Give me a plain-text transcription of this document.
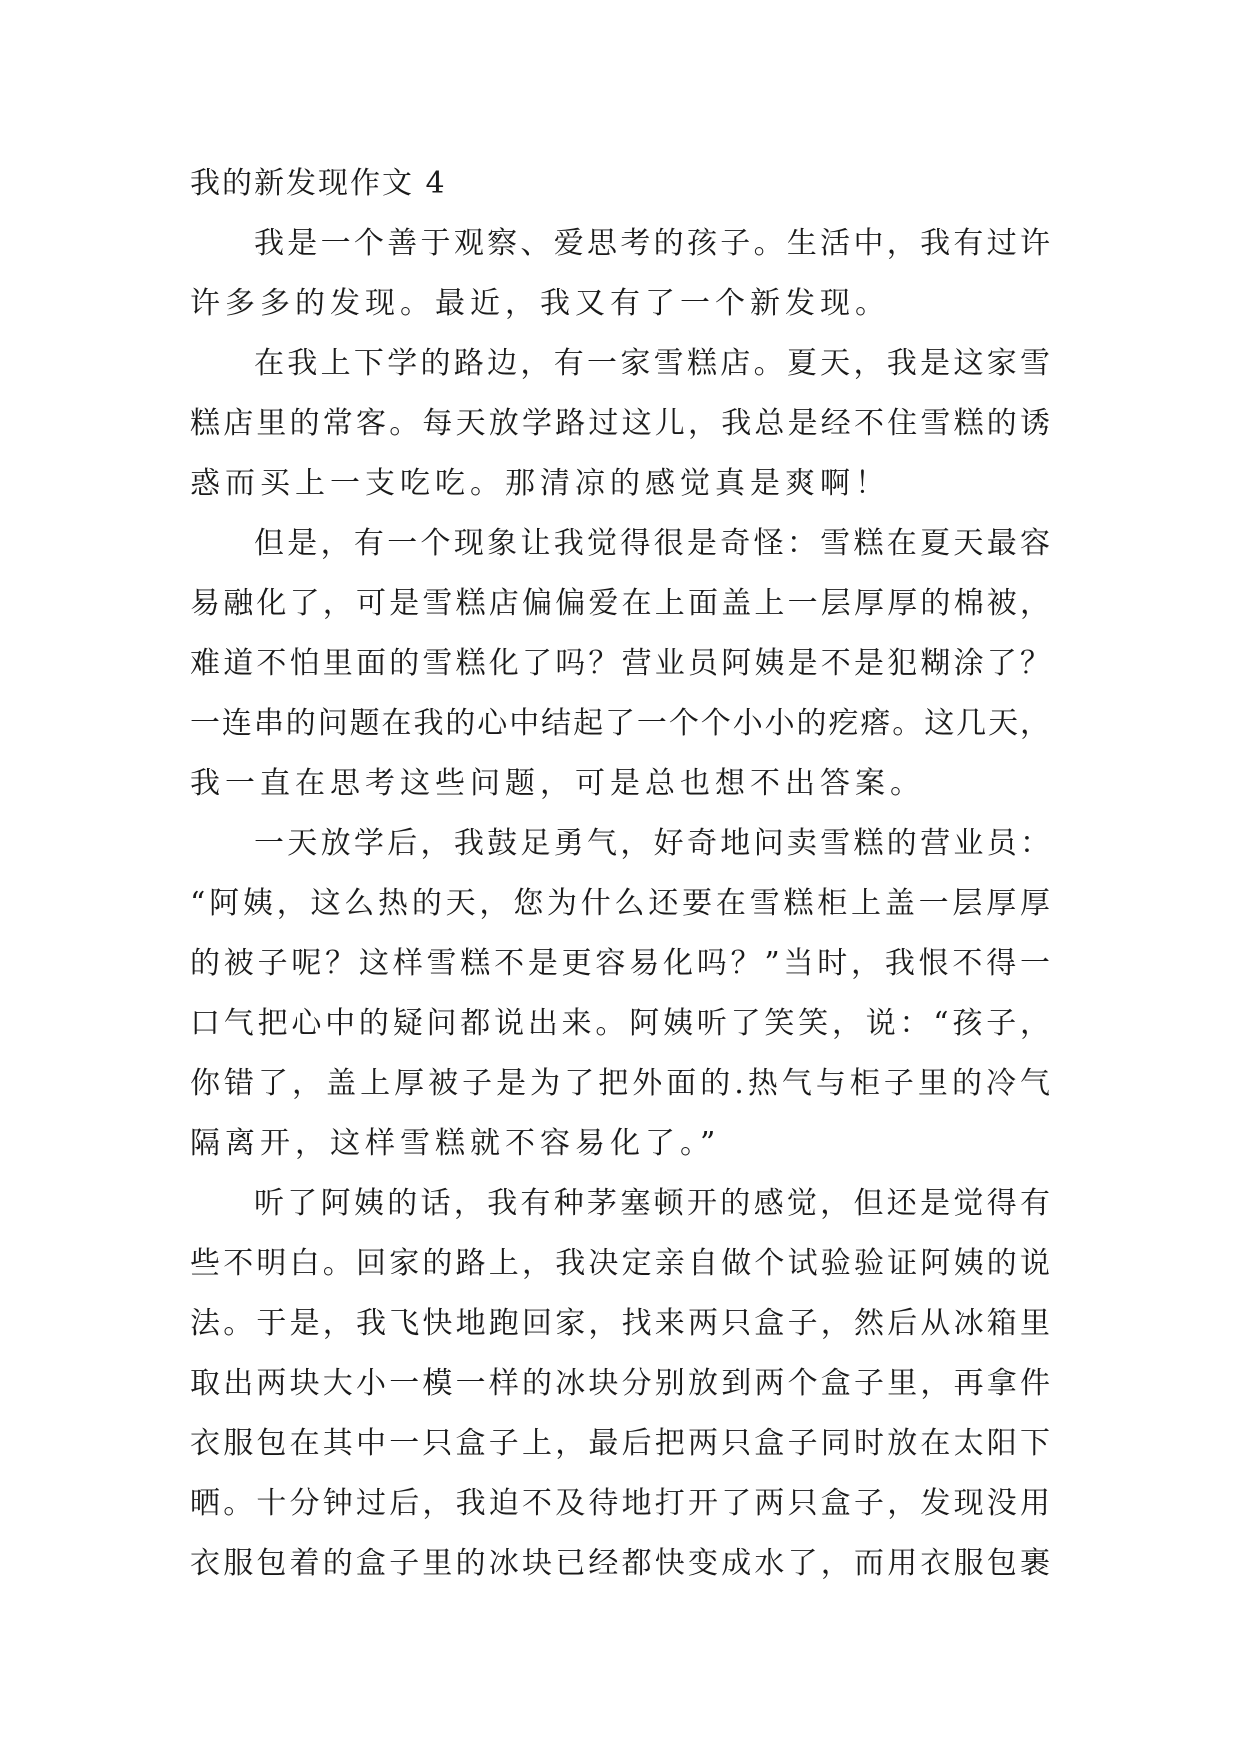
我的新发现作文 4
我是一个善于观察、爱思考的孩子。生活中，我有过许
许多多的发现。最近，我又有了一个新发现。
在我上下学的路边，有一家雪糕店。夏天，我是这家雪
糕店里的常客。每天放学路过这儿，我总是经不住雪糕的诱
惑而买上一支吃吃。那清凉的感觉真是爽啊！
但是，有一个现象让我觉得很是奇怪：雪糕在夏天最容
易融化了，可是雪糕店偏偏爱在上面盖上一层厚厚的棉被，
难道不怕里面的雪糕化了吗？营业员阿姨是不是犯糊涂了？
一连串的问题在我的心中结起了一个个小小的疙瘩。这几天，
我一直在思考这些问题，可是总也想不出答案。
一天放学后，我鼓足勇气，好奇地问卖雪糕的营业员：
“阿姨，这么热的天，您为什么还要在雪糕柜上盖一层厚厚
的被子呢？这样雪糕不是更容易化吗？”当时，我恨不得一
口气把心中的疑问都说出来。阿姨听了笑笑，说：“孩子，
你错了，盖上厚被子是为了把外面的.热气与柜子里的冷气
隔离开，这样雪糕就不容易化了。”
听了阿姨的话，我有种茅塞顿开的感觉，但还是觉得有
些不明白。回家的路上，我决定亲自做个试验验证阿姨的说
法。于是，我飞快地跑回家，找来两只盒子，然后从冰箱里
取出两块大小一模一样的冰块分别放到两个盒子里，再拿件
衣服包在其中一只盒子上，最后把两只盒子同时放在太阳下
晒。十分钟过后，我迫不及待地打开了两只盒子，发现没用
衣服包着的盒子里的冰块已经都快变成水了，而用衣服包裹
